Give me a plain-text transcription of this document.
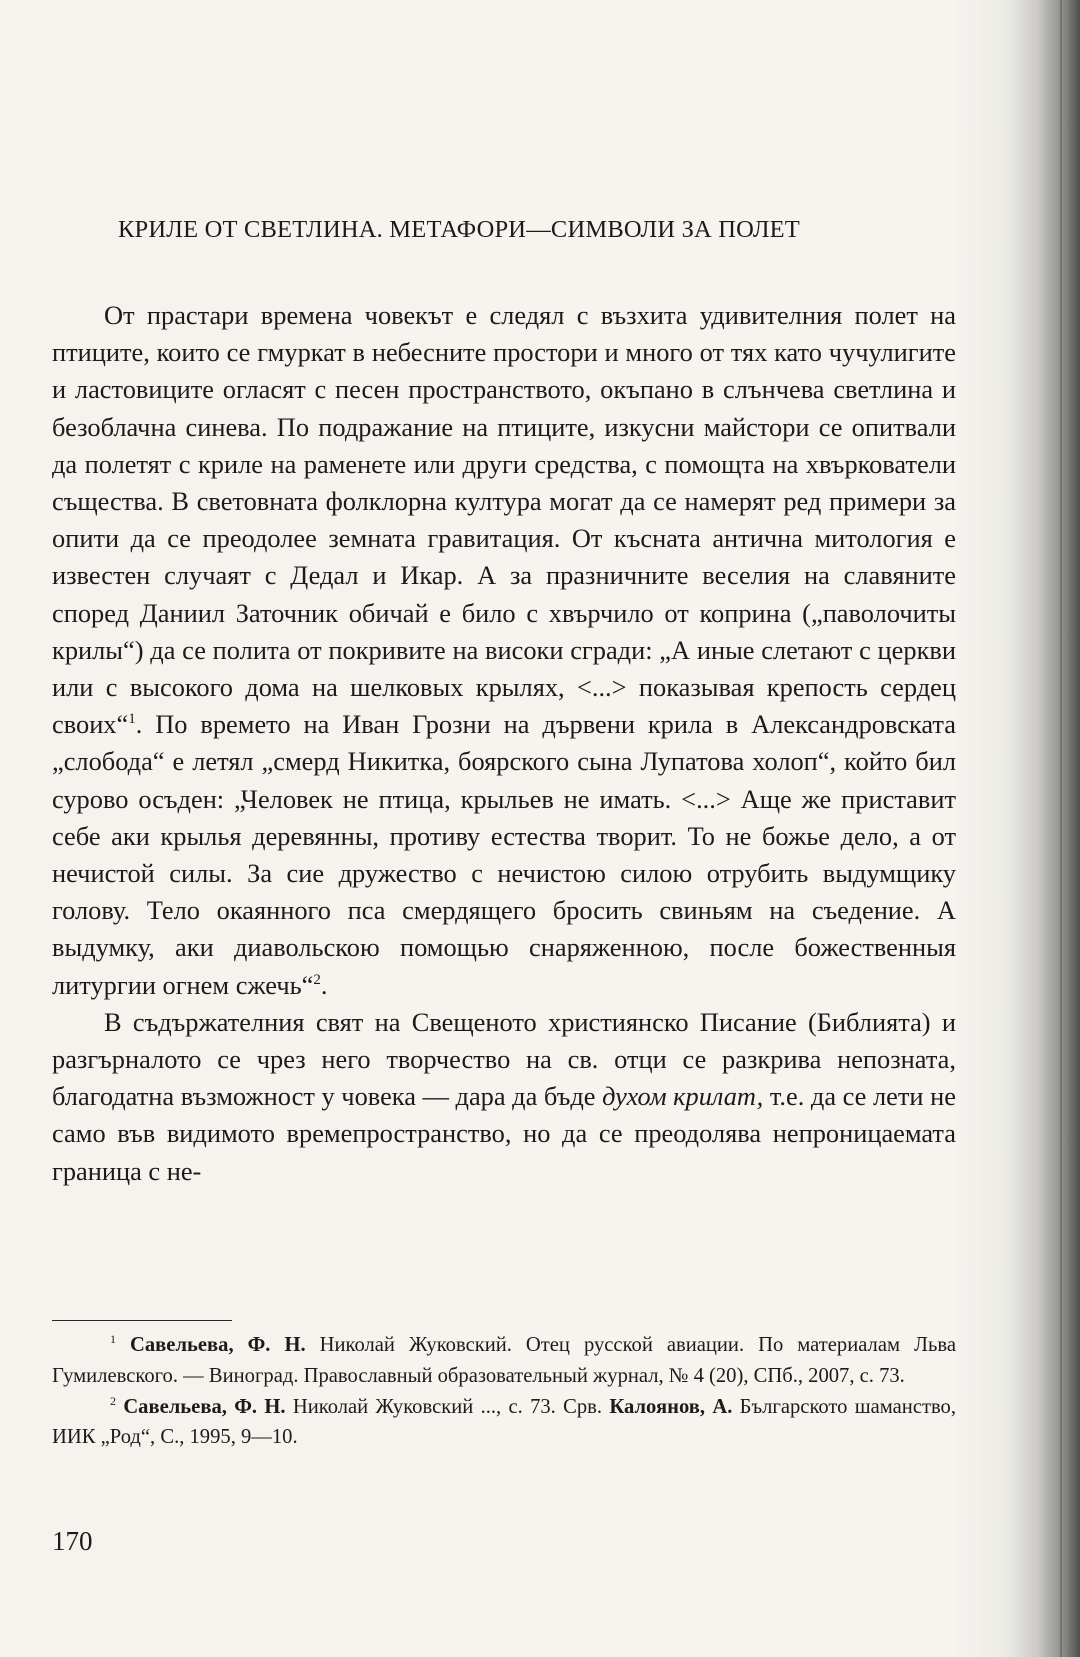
КРИЛЕ ОТ СВЕТЛИНА. МЕТАФОРИ—СИМВОЛИ ЗА ПОЛЕТ

От прастари времена човекът е следял с възхита удивителния полет на птиците, които се гмуркат в небесните простори и много от тях като чучулигите и ластовиците огласят с песен пространството, окъпано в слънчева светлина и безоблачна синева. По подражание на птиците, изкусни майстори се опитвали да полетят с криле на раменете или други средства, с помощта на хвъркователи същества. В световната фолклорна култура могат да се намерят ред примери за опити да се преодолее земната гравитация. От късната антична митология е известен случаят с Дедал и Икар. А за празничните веселия на славяните според Даниил Заточник обичай е било с хвърчило от коприна („паволочиты крилы“) да се полита от покривите на високи сгради: „А иные слетают с церкви или с высокого дома на шелковых крылях, <...> показывая крепость сердец своих“$^1$. По времето на Иван Грозни на дървени крила в Александровската „слобода“ е летял „смерд Никитка, боярского сына Лупатова холоп“, който бил сурово осъден: „Человек не птица, крыльев не имать. <...> Аще же приставит себе аки крылья деревянны, противу естества творит. То не божье дело, а от нечистой силы. За сие дружество с нечистою силою отрубить выдумщику голову. Тело окаянного пса смердящего бросить свиньям на съедение. А выдумку, аки диавольскою помощью снаряженною, после божественныя литургии огнем сжечь“$^2$.

В съдържателния свят на Свещеното християнско Писание (Библията) и разгърналото се чрез него творчество на св. отци се разкрива непозната, благодатна възможност у човека — дара да бъде духом крилат, т.е. да се лети не само във видимото времепространство, но да се преодолява непроницаемата граница с не-

$^1$ Савельева, Ф. Н. Николай Жуковский. Отец русской авиации. По материалам Льва Гумилевского. — Виноград. Православный образовательный журнал, № 4 (20), СПб., 2007, с. 73.

$^2$ Савельева, Ф. Н. Николай Жуковский ..., с. 73. Срв. Калоянов, А. Българското шаманство, ИИК „Род“, С., 1995, 9—10.

170
